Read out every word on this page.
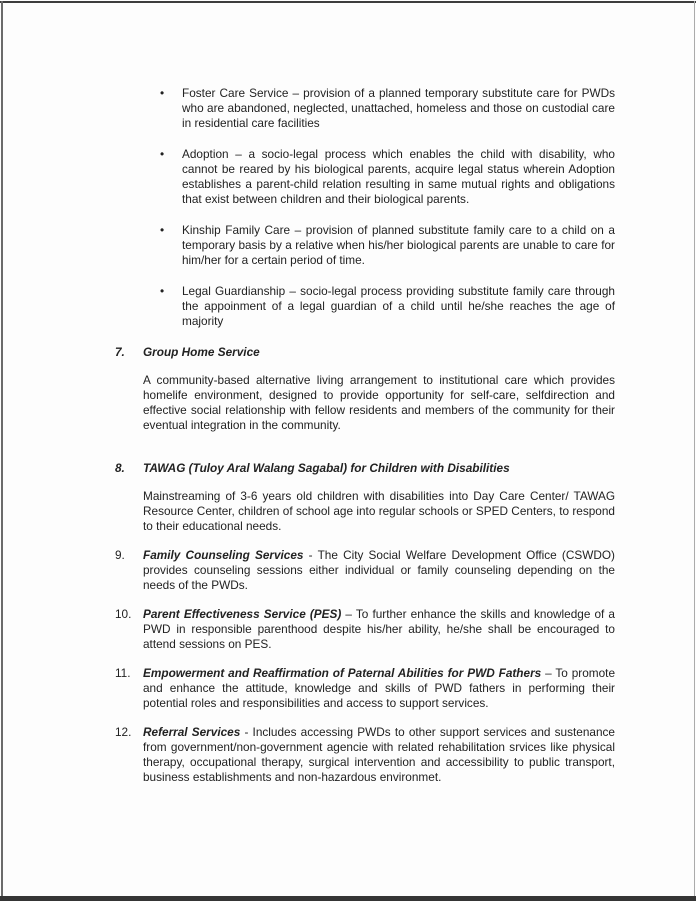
•	Foster Care Service – provision of a planned temporary substitute care for PWDs who are abandoned, neglected, unattached, homeless and those on custodial care in residential care facilities
•	Adoption – a socio-legal process which enables the child with disability, who cannot be reared by his biological parents, acquire legal status wherein Adoption establishes a parent-child relation resulting in same mutual rights and obligations that exist between children and their biological parents.
•	Kinship Family Care – provision of planned substitute family care to a child on a temporary basis by a relative when his/her biological parents are unable to care for him/her for a certain period of time.
•	Legal Guardianship – socio-legal process providing substitute family care through the appoinment of a legal guardian of a child until he/she reaches the age of majority
7.	Group Home Service

A community-based alternative living arrangement to institutional care which provides homelife environment, designed to provide opportunity for self-care, selfdirection and effective social relationship with fellow residents and members of the community for their eventual integration in the community.

8.	TAWAG (Tuloy Aral Walang Sagabal) for Children with Disabilities

Mainstreaming of 3-6 years old children with disabilities into Day Care Center/ TAWAG Resource Center, children of school age into regular schools or SPED Centers, to respond to their educational needs.

9.	Family Counseling Services - The City Social Welfare Development Office (CSWDO) provides counseling sessions either individual or family counseling depending on the needs of the PWDs.
10. Parent Effectiveness Service (PES) – To further enhance the skills and knowledge of a PWD in responsible parenthood despite his/her ability, he/she shall be encouraged to attend sessions on PES.
11.	Empowerment and Reaffirmation of Paternal Abilities for PWD Fathers – To promote and enhance the attitude, knowledge and skills of PWD fathers in performing their potential roles and responsibilities and access to support services.
12. Referral Services - Includes accessing PWDs to other support services and sustenance from government/non-government agencie with related rehabilitation srvices like physical therapy, occupational therapy, surgical intervention and accessibility to public transport, business establishments and non-hazardous environmet.
